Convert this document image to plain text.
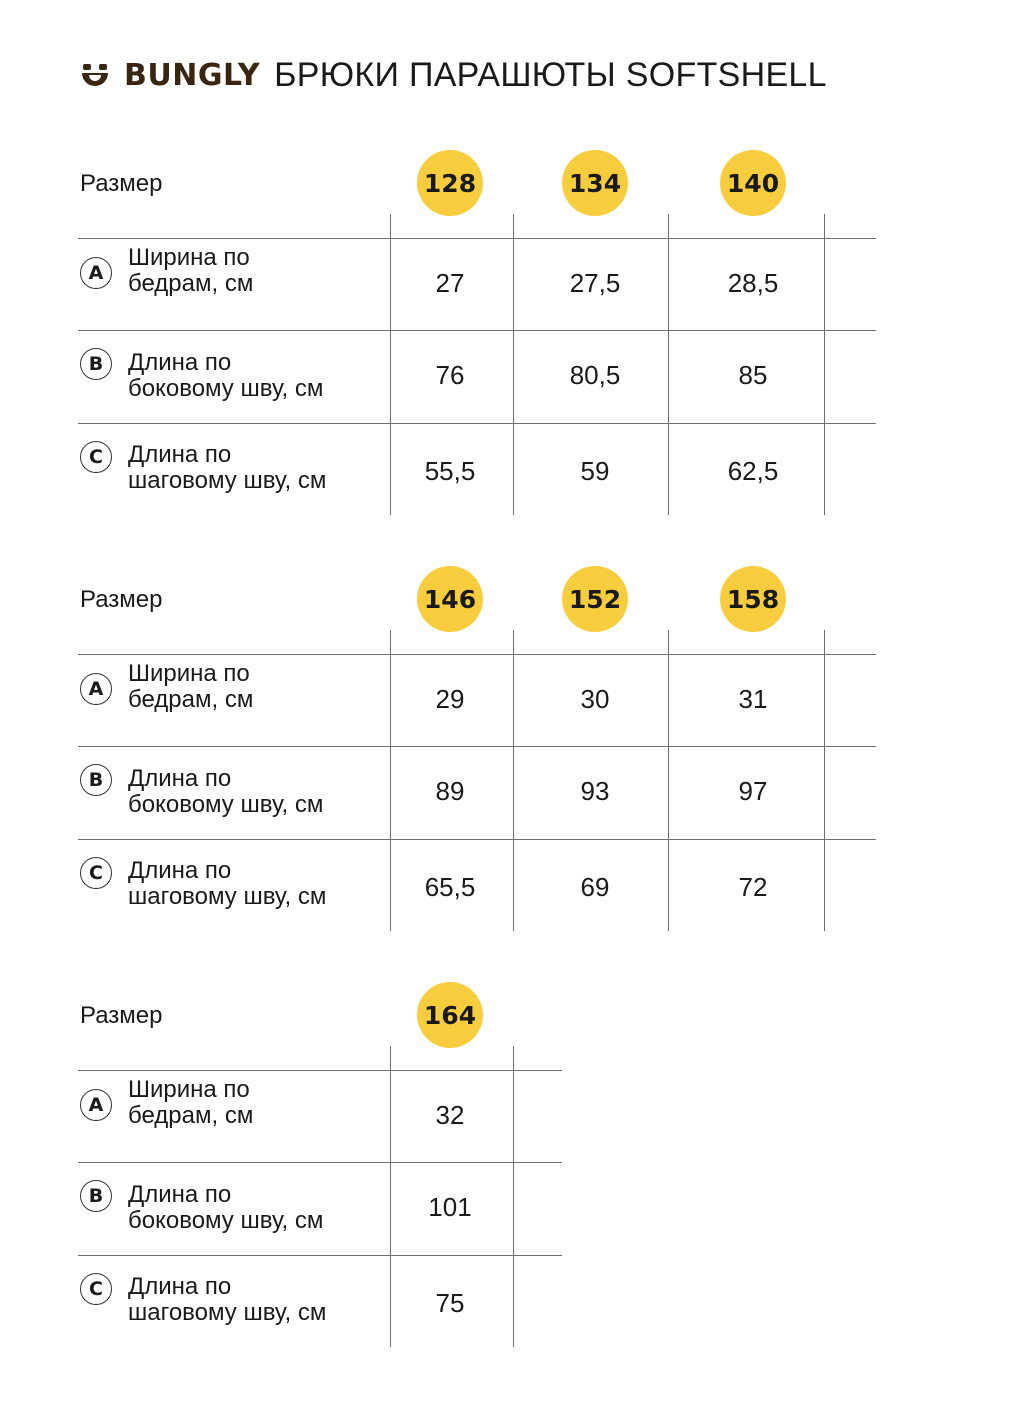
BUNGLY БРЮКИ ПАРАШЮТЫ SOFTSHELL
Размер	128	134	140
A
Ширина по
бедрам, см	27	27,5	28,5
B	Длина по
боковому шву, см	76	80,5	85
C	Длина по
шаговому шву, см	55,5	59	62,5
Размер	146	152	158
A
Ширина по
бедрам, см	29	30	31
B	Длина по
боковому шву, см	89	93	97
C	Длина по
шаговому шву, см	65,5	69	72
Размер	164
A
Ширина по
бедрам, см	32
B	Длина по
боковому шву, см	101
C	Длина по
шаговому шву, см	75
